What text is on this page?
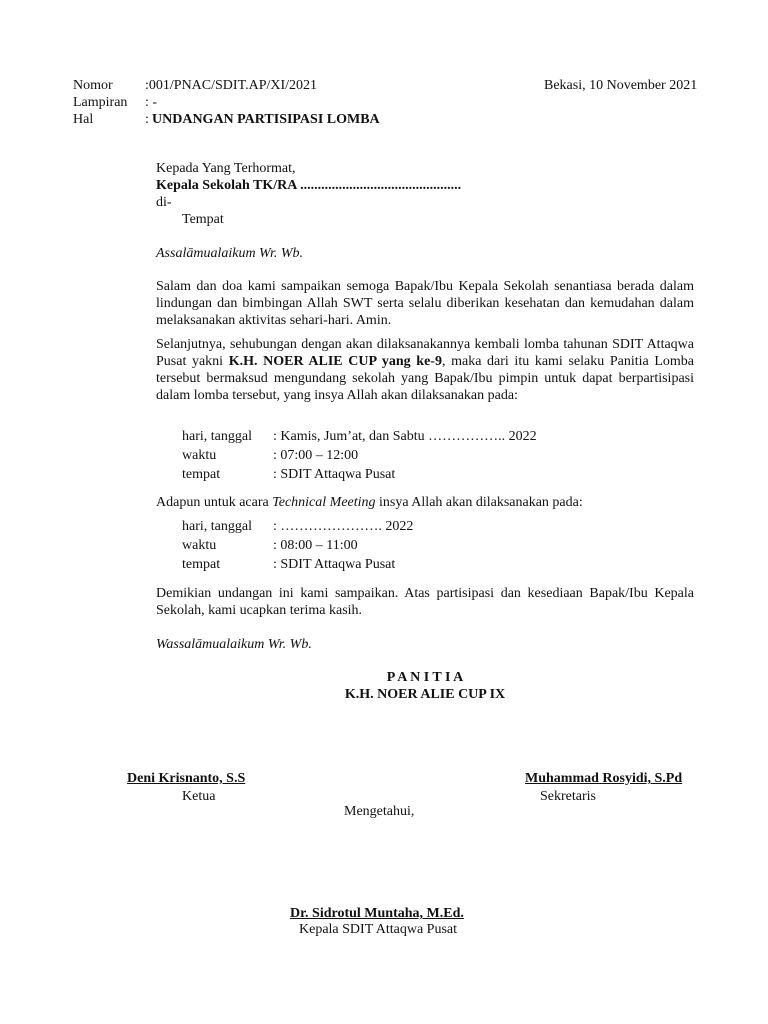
Nomor :001/PNAC/SDIT.AP/XI/2021	Bekasi, 10 November 2021
Lampiran : -
Hal	: UNDANGAN PARTISIPASI LOMBA
Kepada Yang Terhormat,
Kepala Sekolah TK/RA ..............................................
di-
Tempat
Assalāmualaikum Wr. Wb.

Salam dan doa kami sampaikan semoga Bapak/Ibu Kepala Sekolah senantiasa berada dalam lindungan dan bimbingan Allah SWT serta selalu diberikan kesehatan dan kemudahan dalam melaksanakan aktivitas sehari-hari. Amin.

Selanjutnya, sehubungan dengan akan dilaksanakannya kembali lomba tahunan SDIT Attaqwa Pusat yakni K.H. NOER ALIE CUP yang ke-9, maka dari itu kami selaku Panitia Lomba tersebut bermaksud mengundang sekolah yang Bapak/Ibu pimpin untuk dapat berpartisipasi dalam lomba tersebut, yang insya Allah akan dilaksanakan pada:

hari, tanggal : Kamis, Jum’at, dan Sabtu …………….. 2022
waktu	: 07:00 – 12:00
tempat	: SDIT Attaqwa Pusat
Adapun untuk acara Technical Meeting insya Allah akan dilaksanakan pada:
hari, tanggal : …………………. 2022
waktu	: 08:00 – 11:00
tempat	: SDIT Attaqwa Pusat

Demikian undangan ini kami sampaikan. Atas partisipasi dan kesediaan Bapak/Ibu Kepala Sekolah, kami ucapkan terima kasih.

Wassalāmualaikum Wr. Wb.
P A N I T I A
K.H. NOER ALIE CUP IX
Deni Krisnanto, S.S
Ketua
Muhammad Rosyidi, S.Pd
Sekretaris
Mengetahui,
Dr. Sidrotul Muntaha, M.Ed.
Kepala SDIT Attaqwa Pusat
